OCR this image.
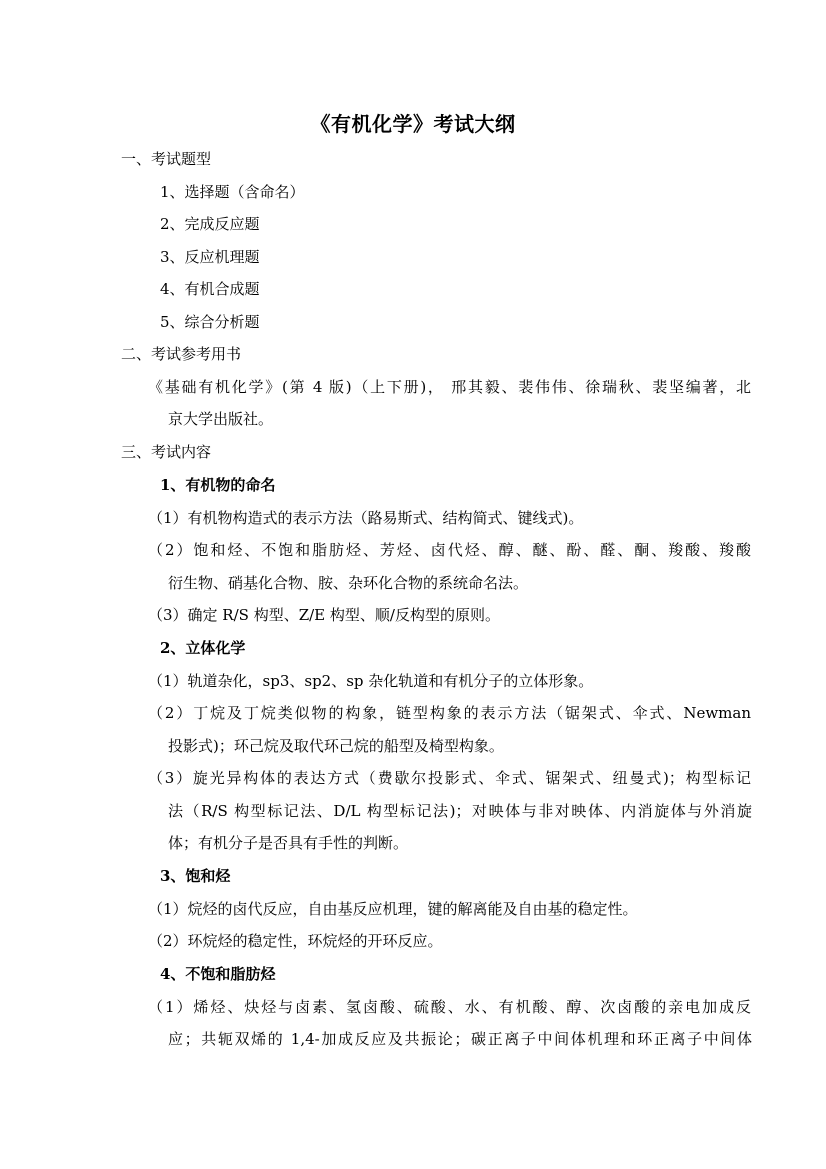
《有机化学》考试大纲
一、考试题型
1、选择题（含命名）
2、完成反应题
3、反应机理题
4、有机合成题
5、综合分析题
二、考试参考用书
《基础有机化学》(第 4 版)（上下册)， 邢其毅、裴伟伟、徐瑞秋、裴坚编著，北
京大学出版社。
三、考试内容
1、有机物的命名
（1）有机物构造式的表示方法（路易斯式、结构简式、键线式)。
（2）饱和烃、不饱和脂肪烃、芳烃、卤代烃、醇、醚、酚、醛、酮、羧酸、羧酸
衍生物、硝基化合物、胺、杂环化合物的系统命名法。
（3）确定 R/S 构型、Z/E 构型、顺/反构型的原则。
2、立体化学
（1）轨道杂化，sp3、sp2、sp 杂化轨道和有机分子的立体形象。
（2）丁烷及丁烷类似物的构象，链型构象的表示方法（锯架式、伞式、Newman
投影式)；环己烷及取代环己烷的船型及椅型构象。
（3）旋光异构体的表达方式（费歇尔投影式、伞式、锯架式、纽曼式)；构型标记
法（R/S 构型标记法、D/L 构型标记法)；对映体与非对映体、内消旋体与外消旋
体；有机分子是否具有手性的判断。
3、饱和烃
（1）烷烃的卤代反应，自由基反应机理，键的解离能及自由基的稳定性。
（2）环烷烃的稳定性，环烷烃的开环反应。
4、不饱和脂肪烃
（1）烯烃、炔烃与卤素、氢卤酸、硫酸、水、有机酸、醇、次卤酸的亲电加成反
应；共轭双烯的 1,4-加成反应及共振论；碳正离子中间体机理和环正离子中间体
